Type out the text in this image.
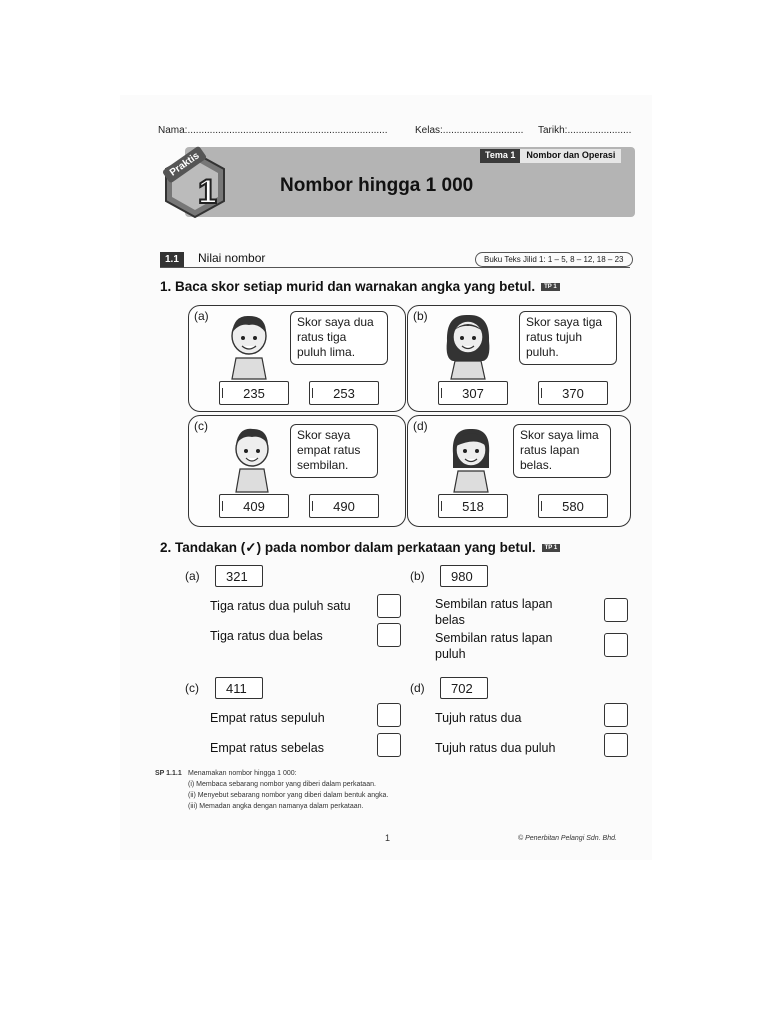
Nama:........................................................................	Kelas:............................. Tarikh:.......................
Tema 1	Nombor dan Operasi
Praktis
1	Nombor hingga 1 000
1.1	Nilai nombor	Buku Teks Jilid 1: 1 – 5, 8 – 12, 18 – 23
1. Baca skor setiap murid dan warnakan angka yang betul. TP 1
(a)	Skor saya dua
ratus tiga
puluh lima.
235	253
(b)	Skor saya tiga
ratus tujuh
puluh.
307	370
(c)
Skor saya
empat ratus
sembilan.
409	490
(d)
Skor saya lima
ratus lapan
belas.
518	580
2. Tandakan (✓) pada nombor dalam perkataan yang betul. TP 1
(a)	321
Tiga ratus dua puluh satu
Tiga ratus dua belas
(b)	980
Sembilan ratus lapan belas
Sembilan ratus lapan puluh
(c)	411
Empat ratus sepuluh
Empat ratus sebelas
(d)	702
Tujuh ratus dua
Tujuh ratus dua puluh
SP 1.1.1 Menamakan nombor hingga 1 000:
(i) Membaca sebarang nombor yang diberi dalam perkataan.
(ii) Menyebut sebarang nombor yang diberi dalam bentuk angka.
(iii) Memadan angka dengan namanya dalam perkataan.
1	© Penerbitan Pelangi Sdn. Bhd.
